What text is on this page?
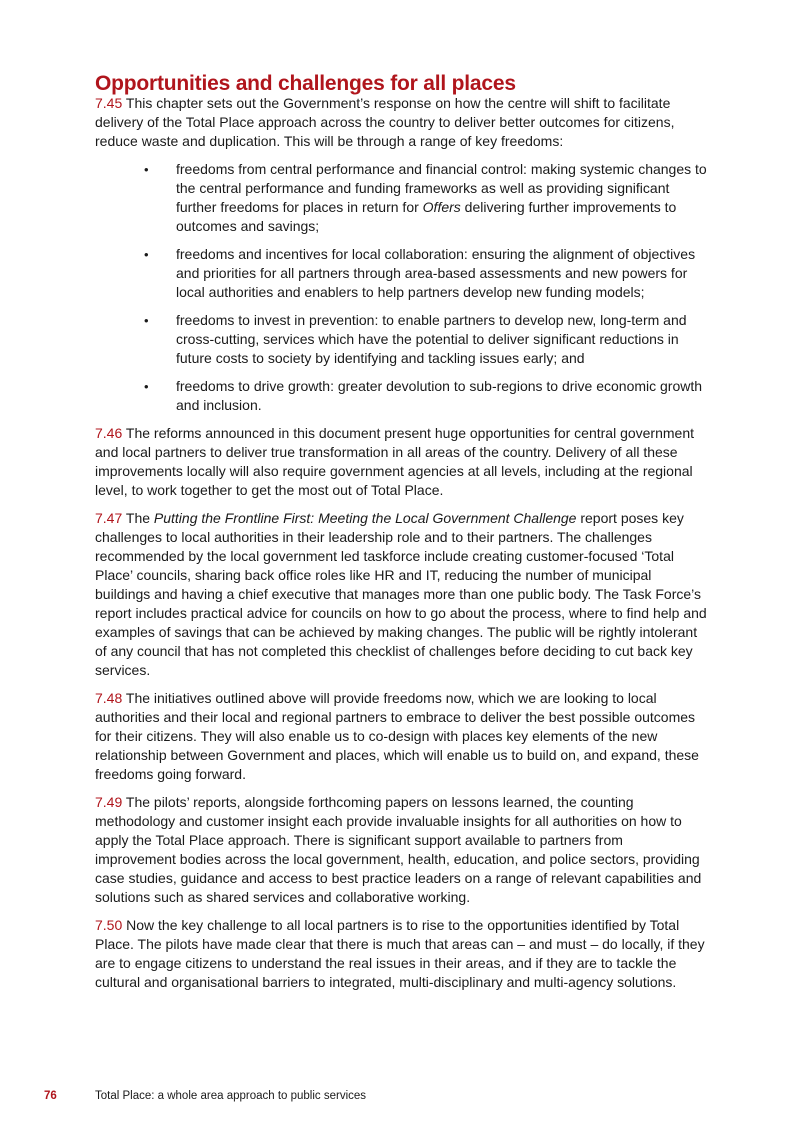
Opportunities and challenges for all places

7.45 This chapter sets out the Government’s response on how the centre will shift to facilitate delivery of the Total Place approach across the country to deliver better outcomes for citizens, reduce waste and duplication. This will be through a range of key freedoms:

• freedoms from central performance and financial control: making systemic changes to the central performance and funding frameworks as well as providing significant further freedoms for places in return for Offers delivering further improvements to outcomes and savings;
• freedoms and incentives for local collaboration: ensuring the alignment of objectives and priorities for all partners through area-based assessments and new powers for local authorities and enablers to help partners develop new funding models;
• freedoms to invest in prevention: to enable partners to develop new, long-term and cross-cutting, services which have the potential to deliver significant reductions in future costs to society by identifying and tackling issues early; and
• freedoms to drive growth: greater devolution to sub-regions to drive economic growth and inclusion.

7.46 The reforms announced in this document present huge opportunities for central government and local partners to deliver true transformation in all areas of the country. Delivery of all these improvements locally will also require government agencies at all levels, including at the regional level, to work together to get the most out of Total Place.

7.47 The Putting the Frontline First: Meeting the Local Government Challenge report poses key challenges to local authorities in their leadership role and to their partners. The challenges recommended by the local government led taskforce include creating customer-focused ‘Total Place’ councils, sharing back office roles like HR and IT, reducing the number of municipal buildings and having a chief executive that manages more than one public body. The Task Force’s report includes practical advice for councils on how to go about the process, where to find help and examples of savings that can be achieved by making changes. The public will be rightly intolerant of any council that has not completed this checklist of challenges before deciding to cut back key services.

7.48 The initiatives outlined above will provide freedoms now, which we are looking to local authorities and their local and regional partners to embrace to deliver the best possible outcomes for their citizens. They will also enable us to co-design with places key elements of the new relationship between Government and places, which will enable us to build on, and expand, these freedoms going forward.

7.49 The pilots’ reports, alongside forthcoming papers on lessons learned, the counting methodology and customer insight each provide invaluable insights for all authorities on how to apply the Total Place approach. There is significant support available to partners from improvement bodies across the local government, health, education, and police sectors, providing case studies, guidance and access to best practice leaders on a range of relevant capabilities and solutions such as shared services and collaborative working.

7.50 Now the key challenge to all local partners is to rise to the opportunities identified by Total Place. The pilots have made clear that there is much that areas can – and must – do locally, if they are to engage citizens to understand the real issues in their areas, and if they are to tackle the cultural and organisational barriers to integrated, multi-disciplinary and multi-agency solutions.

76	Total Place: a whole area approach to public services
